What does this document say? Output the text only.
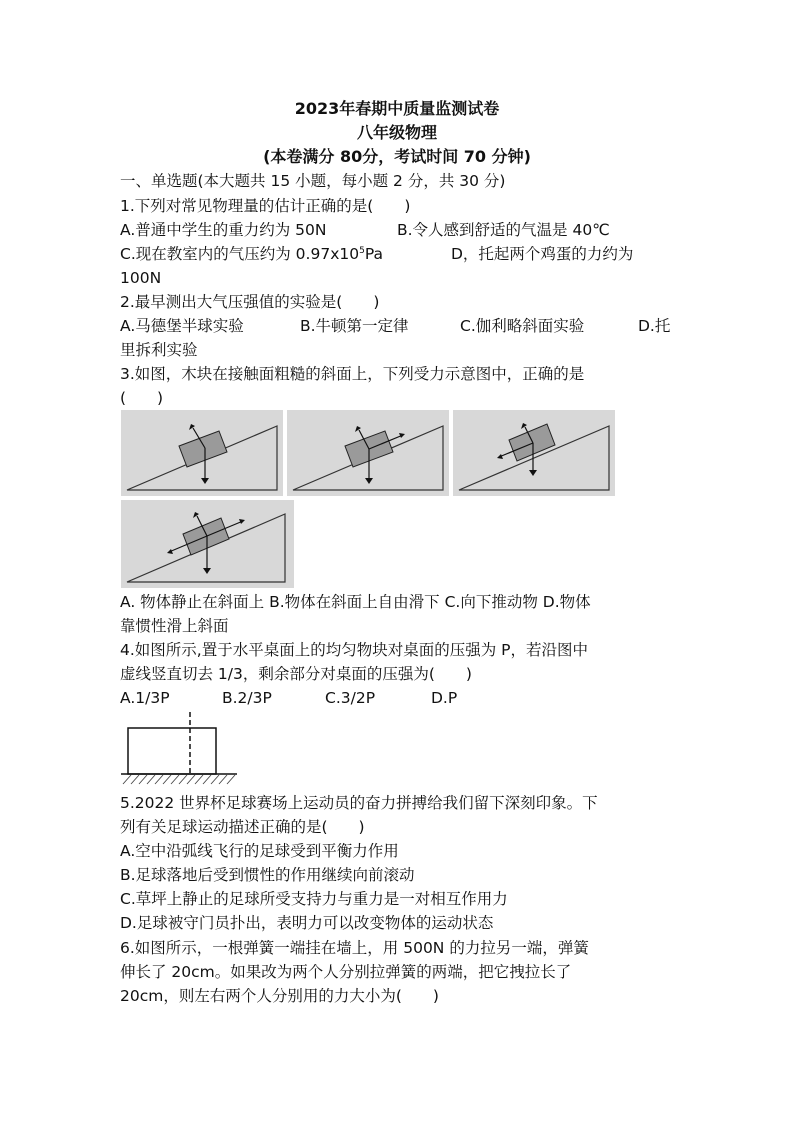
2023年春期中质量监测试卷
八年级物理
(本卷满分 80分，考试时间 70 分钟)
一、单选题(本大题共 15 小题，每小题 2 分，共 30 分)
1.下列对常见物理量的估计正确的是(　　)
A.普通中学生的重力约为 50N	B.令人感到舒适的气温是 40℃
C.现在教室内的气压约为 $0.97x10^5Pa$	D，托起两个鸡蛋的力约为
100N
2.最早测出大气压强值的实验是(　　)
A.马德堡半球实验	B.牛顿第一定律	C.伽利略斜面实验	D.托
里拆利实验
3.如图，木块在接触面粗糙的斜面上，下列受力示意图中，正确的是
(　　)
A. 物体静止在斜面上 B.物体在斜面上自由滑下 C.向下推动物 D.物体
靠惯性滑上斜面
4.如图所示,置于水平桌面上的均匀物块对桌面的压强为 P，若沿图中
虚线竖直切去 1/3，剩余部分对桌面的压强为(　　)
A.1/3P	B.2/3P	C.3/2P	D.P
5.2022 世界杯足球赛场上运动员的奋力拼搏给我们留下深刻印象。下
列有关足球运动描述正确的是(　　)
A.空中沿弧线飞行的足球受到平衡力作用
B.足球落地后受到惯性的作用继续向前滚动
C.草坪上静止的足球所受支持力与重力是一对相互作用力
D.足球被守门员扑出，表明力可以改变物体的运动状态
6.如图所示，一根弹簧一端挂在墙上，用 500N 的力拉另一端，弹簧
伸长了 20cm。如果改为两个人分别拉弹簧的两端，把它拽拉长了
20cm，则左右两个人分别用的力大小为(　　)
